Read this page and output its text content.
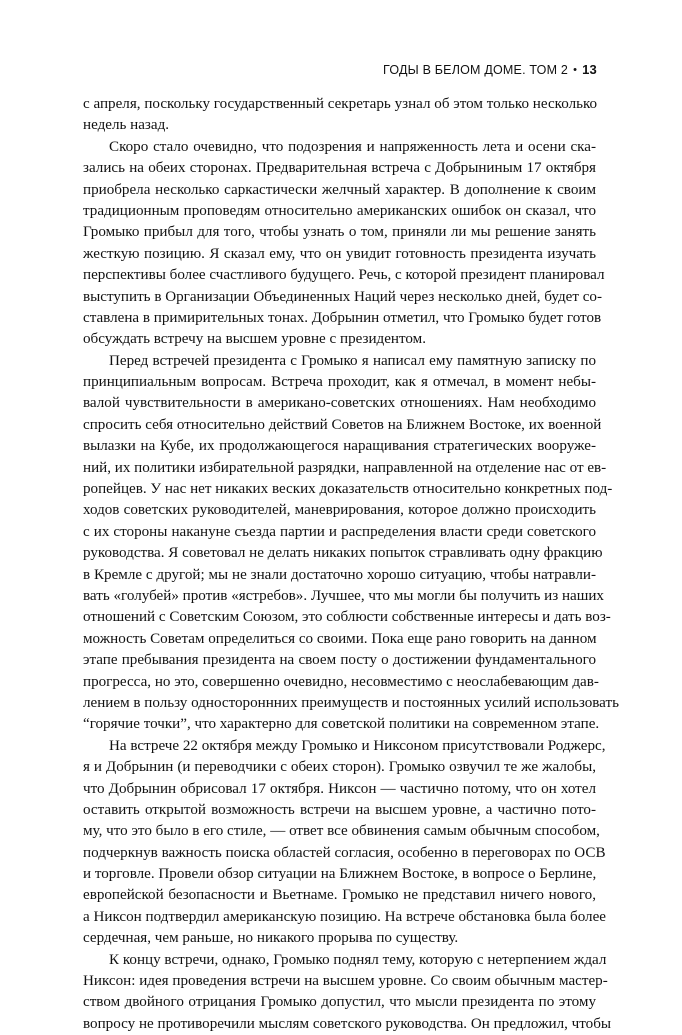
ГОДЫ В БЕЛОМ ДОМЕ. ТОМ 2 • 13
с апреля, поскольку государственный секретарь узнал об этом только несколько
недель назад.
Скоро стало очевидно, что подозрения и напряженность лета и осени ска-
зались на обеих сторонах. Предварительная встреча с Добрыниным 17 октября
приобрела несколько саркастически желчный характер. В дополнение к своим
традиционным проповедям относительно американских ошибок он сказал, что
Громыко прибыл для того, чтобы узнать о том, приняли ли мы решение занять
жесткую позицию. Я сказал ему, что он увидит готовность президента изучать
перспективы более счастливого будущего. Речь, с которой президент планировал
выступить в Организации Объединенных Наций через несколько дней, будет со-
ставлена в примирительных тонах. Добрынин отметил, что Громыко будет готов
обсуждать встречу на высшем уровне с президентом.
Перед встречей президента с Громыко я написал ему памятную записку по
принципиальным вопросам. Встреча проходит, как я отмечал, в момент небы-
валой чувствительности в американо-советских отношениях. Нам необходимо
спросить себя относительно действий Советов на Ближнем Востоке, их военной
вылазки на Кубе, их продолжающегося наращивания стратегических вооруже-
ний, их политики избирательной разрядки, направленной на отделение нас от ев-
ропейцев. У нас нет никаких веских доказательств относительно конкретных под-
ходов советских руководителей, маневрирования, которое должно происходить
с их стороны накануне съезда партии и распределения власти среди советского
руководства. Я советовал не делать никаких попыток стравливать одну фракцию
в Кремле с другой; мы не знали достаточно хорошо ситуацию, чтобы натравли-
вать «голубей» против «ястребов». Лучшее, что мы могли бы получить из наших
отношений с Советским Союзом, это соблюсти собственные интересы и дать воз-
можность Советам определиться со своими. Пока еще рано говорить на данном
этапе пребывания президента на своем посту о достижении фундаментального
прогресса, но это, совершенно очевидно, несовместимо с неослабевающим дав-
лением в пользу одностороннних преимуществ и постоянных усилий использовать
“горячие точки”, что характерно для советской политики на современном этапе.
На встрече 22 октября между Громыко и Никсоном присутствовали Роджерс,
я и Добрынин (и переводчики с обеих сторон). Громыко озвучил те же жалобы,
что Добрынин обрисовал 17 октября. Никсон — частично потому, что он хотел
оставить открытой возможность встречи на высшем уровне, а частично пото-
му, что это было в его стиле, — ответ все обвинения самым обычным способом,
подчеркнув важность поиска областей согласия, особенно в переговорах по ОСВ
и торговле. Провели обзор ситуации на Ближнем Востоке, в вопросе о Берлине,
европейской безопасности и Вьетнаме. Громыко не представил ничего нового,
а Никсон подтвердил американскую позицию. На встрече обстановка была более
сердечная, чем раньше, но никакого прорыва по существу.
К концу встречи, однако, Громыко поднял тему, которую с нетерпением ждал
Никсон: идея проведения встречи на высшем уровне. Со своим обычным мастер-
ством двойного отрицания Громыко допустил, что мысли президента по этому
вопросу не противоречили мыслям советского руководства. Он предложил, чтобы
